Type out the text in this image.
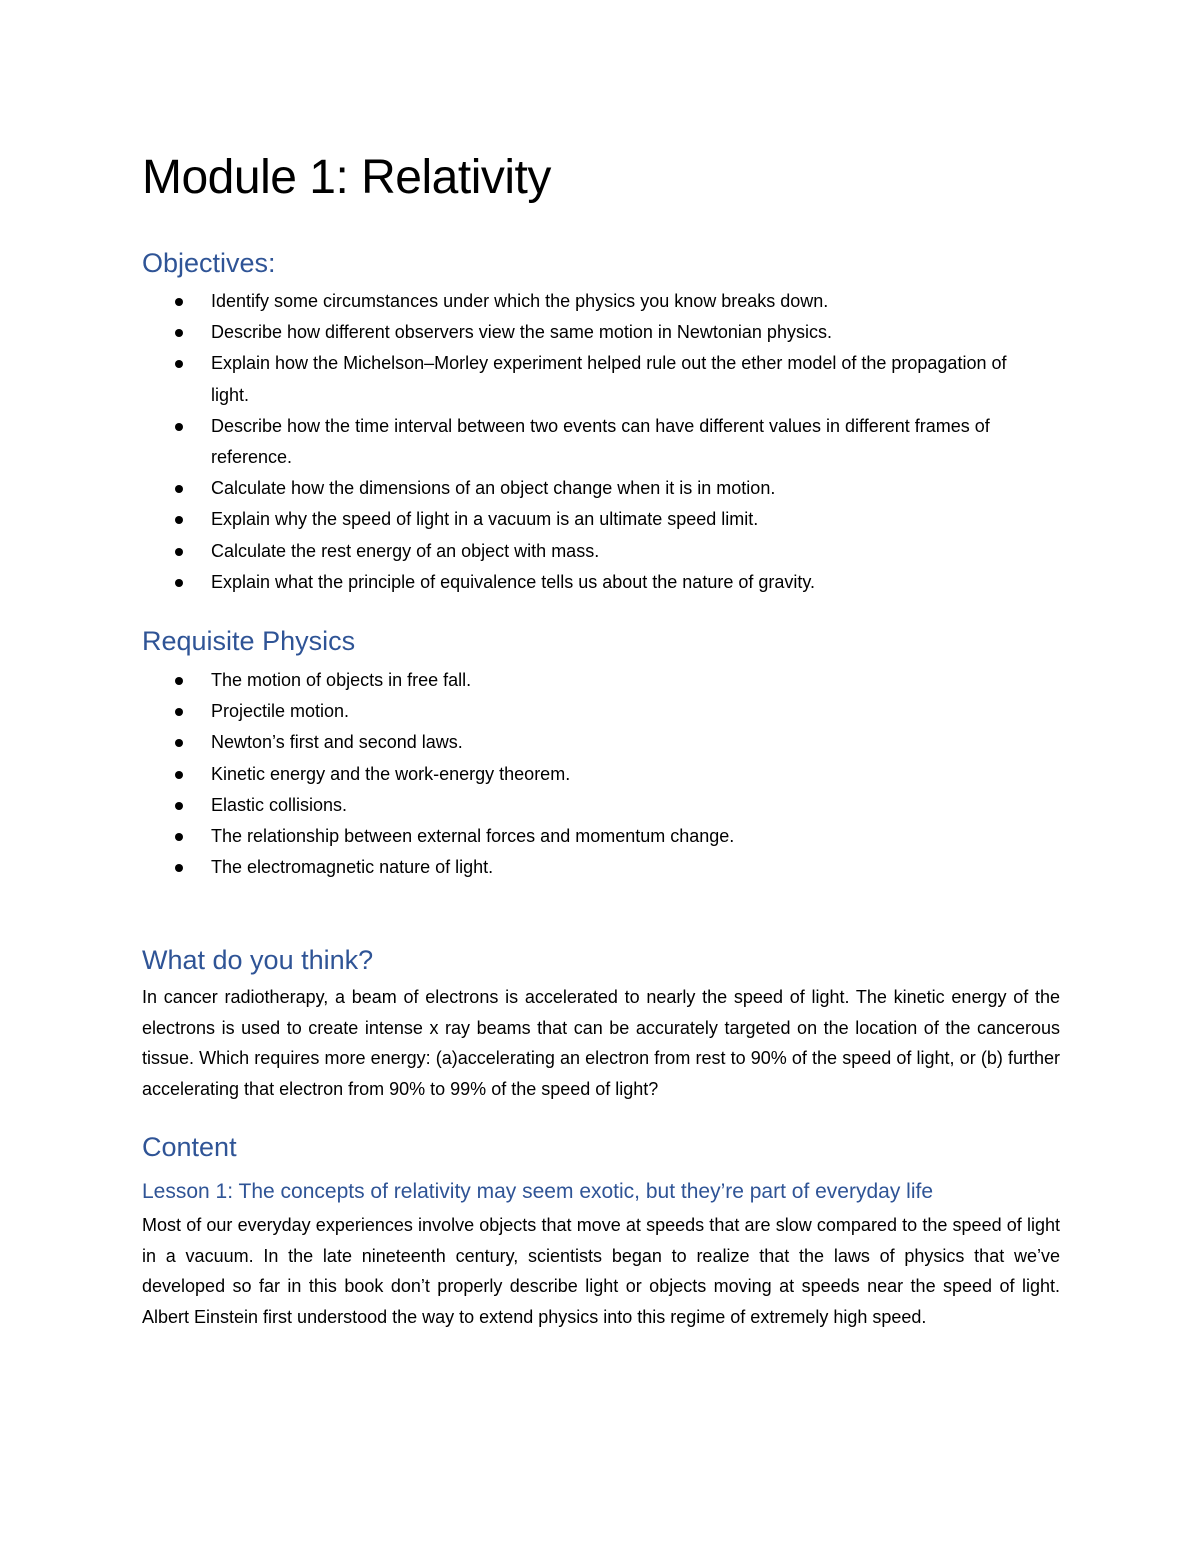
Module 1: Relativity
Objectives:
Identify some circumstances under which the physics you know breaks down.
Describe how different observers view the same motion in Newtonian physics.
Explain how the Michelson–Morley experiment helped rule out the ether model of the propagation of light.
Describe how the time interval between two events can have different values in different frames of reference.
Calculate how the dimensions of an object change when it is in motion.
Explain why the speed of light in a vacuum is an ultimate speed limit.
Calculate the rest energy of an object with mass.
Explain what the principle of equivalence tells us about the nature of gravity.
Requisite Physics
The motion of objects in free fall.
Projectile motion.
Newton’s first and second laws.
Kinetic energy and the work-energy theorem.
Elastic collisions.
The relationship between external forces and momentum change.
The electromagnetic nature of light.
What do you think?

In cancer radiotherapy, a beam of electrons is accelerated to nearly the speed of light. The kinetic energy of the electrons is used to create intense x ray beams that can be accurately targeted on the location of the cancerous tissue. Which requires more energy: (a)accelerating an electron from rest to 90% of the speed of light, or (b) further accelerating that electron from 90% to 99% of the speed of light?

Content
Lesson 1: The concepts of relativity may seem exotic, but they’re part of everyday life

Most of our everyday experiences involve objects that move at speeds that are slow compared to the speed of light in a vacuum. In the late nineteenth century, scientists began to realize that the laws of physics that we’ve developed so far in this book don’t properly describe light or objects moving at speeds near the speed of light. Albert Einstein first understood the way to extend physics into this regime of extremely high speed.
